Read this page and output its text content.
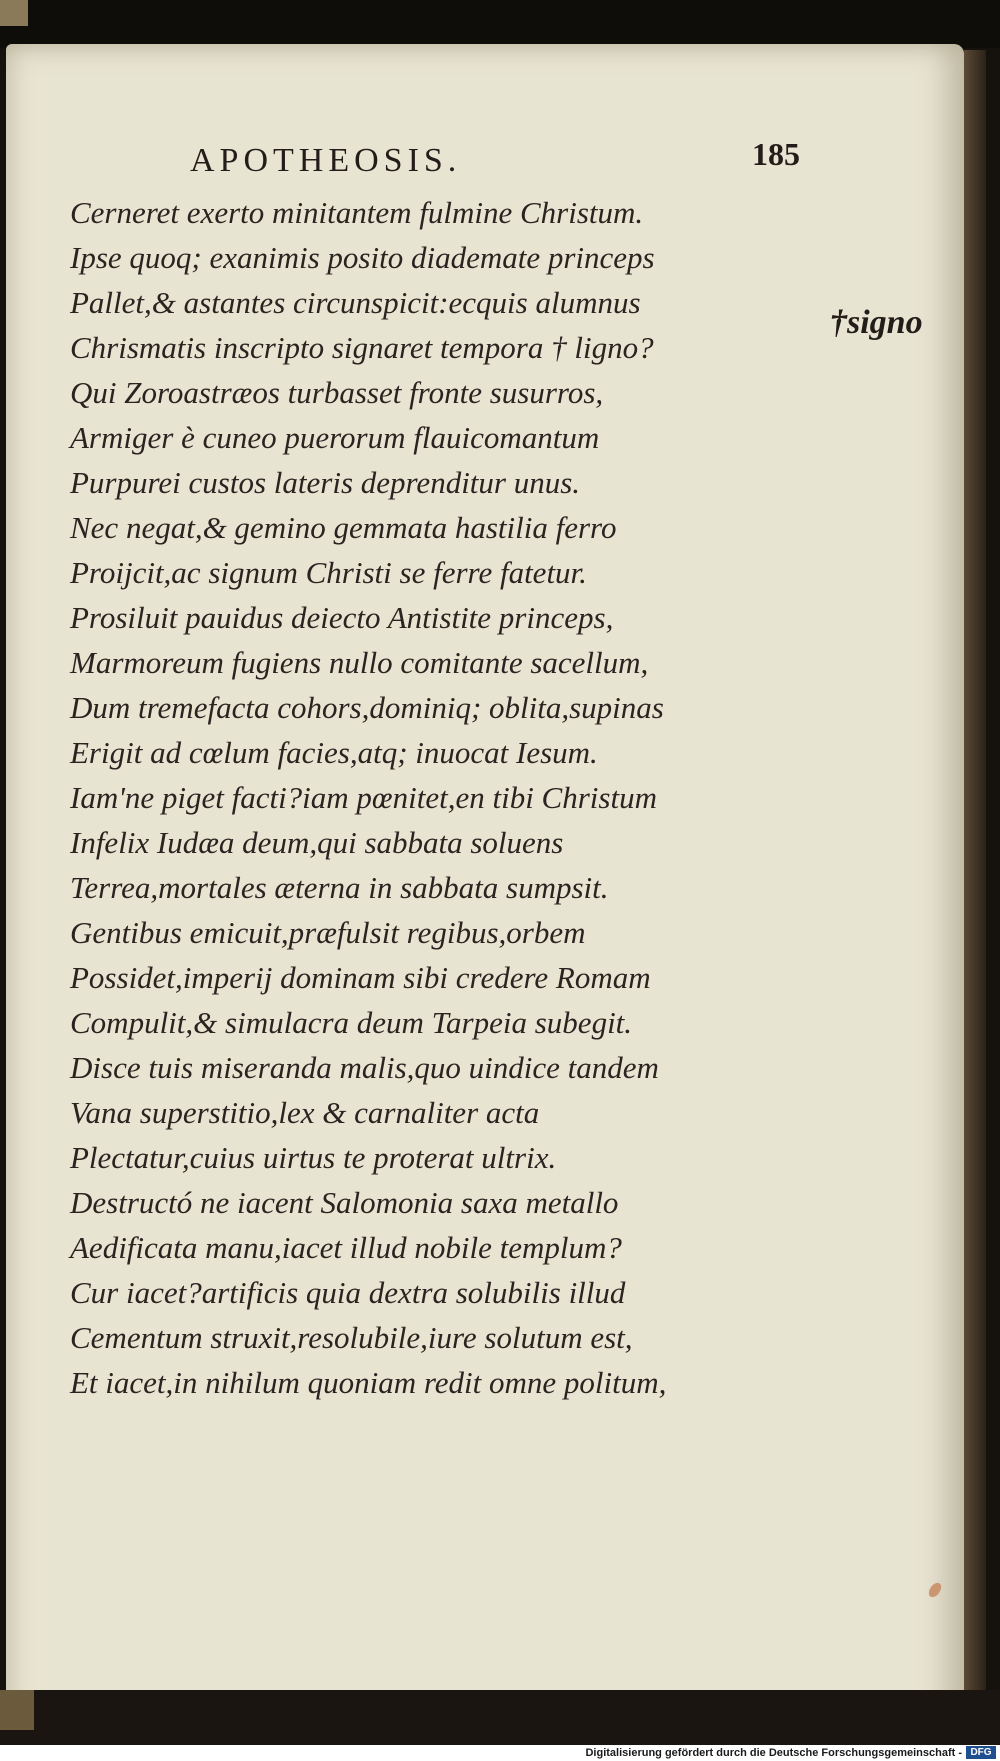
APOTHEOSIS.	185
†signo
Cerneret exerto minitantem fulmine Christum.
Ipse quoq; exanimis posito diademate princeps
Pallet,& astantes circunspicit:ecquis alumnus
Chrismatis inscripto signaret tempora † ligno?
Qui Zoroastræos turbasset fronte susurros,
Armiger è cuneo puerorum flauicomantum
Purpurei custos lateris deprenditur unus.
Nec negat,& gemino gemmata hastilia ferro
Proijcit,ac signum Christi se ferre fatetur.
Prosiluit pauidus deiecto Antistite princeps,
Marmoreum fugiens nullo comitante sacellum,
Dum tremefacta cohors,dominiq; oblita,supinas
Erigit ad cœlum facies,atq; inuocat Iesum.
Iam'ne piget facti?iam pœnitet,en tibi Christum
Infelix Iudæa deum,qui sabbata soluens
Terrea,mortales æterna in sabbata sumpsit.
Gentibus emicuit,præfulsit regibus,orbem
Possidet,imperij dominam sibi credere Romam
Compulit,& simulacra deum Tarpeia subegit.
Disce tuis miseranda malis,quo uindice tandem
Vana superstitio,lex & carnaliter acta
Plectatur,cuius uirtus te proterat ultrix.
Destructó ne iacent Salomonia saxa metallo
Aedificata manu,iacet illud nobile templum?
Cur iacet?artificis quia dextra solubilis illud
Cementum struxit,resolubile,iure solutum est,
Et iacet,in nihilum quoniam redit omne politum,
Digitalisierung gefördert durch die Deutsche Forschungsgemeinschaft - DFG
